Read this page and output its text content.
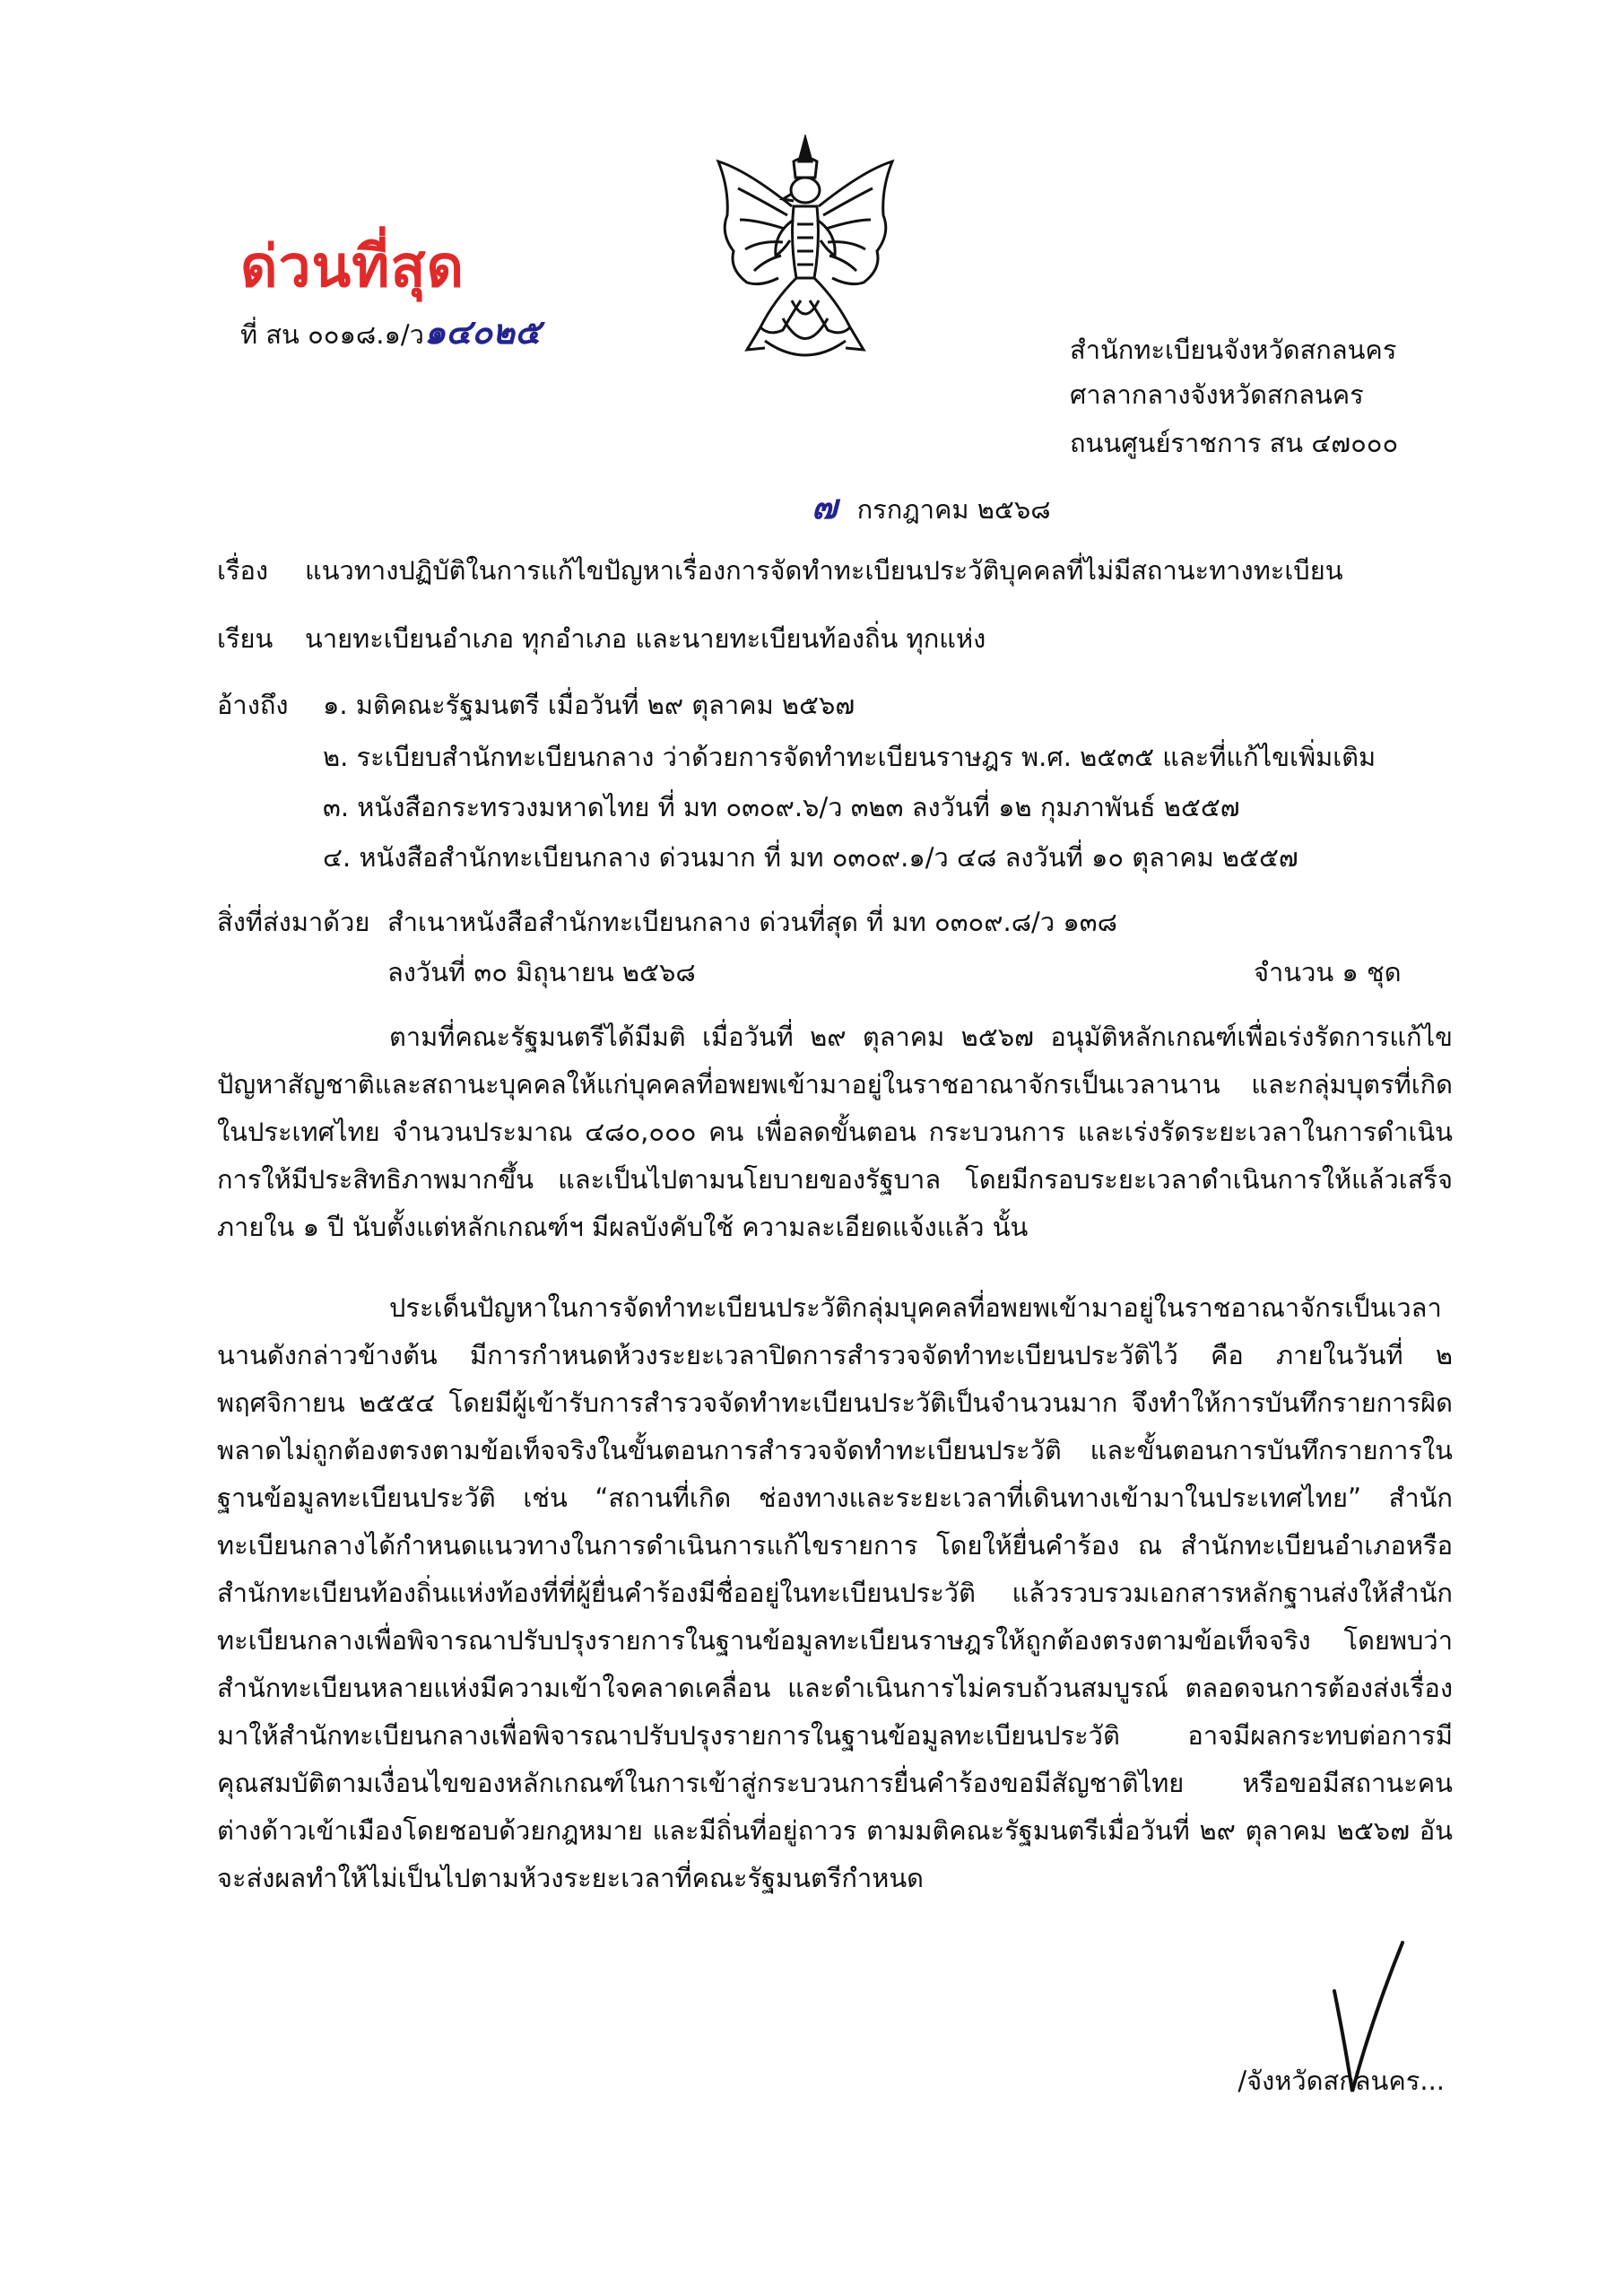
ด่วนที่สุด
ที่ สน ๐๐๑๘.๑/ว๑๔๐๒๕	สำนักทะเบียนจังหวัดสกลนคร
ศาลากลางจังหวัดสกลนคร
ถนนศูนย์ราชการ สน ๔๗๐๐๐
๗ กรกฎาคม ๒๕๖๘
เรื่อง แนวทางปฏิบัติในการแก้ไขปัญหาเรื่องการจัดทำทะเบียนประวัติบุคคลที่ไม่มีสถานะทางทะเบียน
เรียน นายทะเบียนอำเภอ ทุกอำเภอ และนายทะเบียนท้องถิ่น ทุกแห่ง
อ้างถึง ๑. มติคณะรัฐมนตรี เมื่อวันที่ ๒๙ ตุลาคม ๒๕๖๗
๒. ระเบียบสำนักทะเบียนกลาง ว่าด้วยการจัดทำทะเบียนราษฎร พ.ศ. ๒๕๓๕ และที่แก้ไขเพิ่มเติม
๓. หนังสือกระทรวงมหาดไทย ที่ มท ๐๓๐๙.๖/ว ๓๒๓ ลงวันที่ ๑๒ กุมภาพันธ์ ๒๕๕๗
๔. หนังสือสำนักทะเบียนกลาง ด่วนมาก ที่ มท ๐๓๐๙.๑/ว ๔๘ ลงวันที่ ๑๐ ตุลาคม ๒๕๕๗
สิ่งที่ส่งมาด้วย สำเนาหนังสือสำนักทะเบียนกลาง ด่วนที่สุด ที่ มท ๐๓๐๙.๘/ว ๑๓๘
ลงวันที่ ๓๐ มิถุนายน ๒๕๖๘	จำนวน ๑ ชุด

ตามที่คณะรัฐมนตรีได้มีมติ เมื่อวันที่ ๒๙ ตุลาคม ๒๕๖๗ อนุมัติหลักเกณฑ์เพื่อเร่งรัดการแก้ไขปัญหาสัญชาติและสถานะบุคคลให้แก่บุคคลที่อพยพเข้ามาอยู่ในราชอาณาจักรเป็นเวลานาน และกลุ่มบุตรที่เกิดในประเทศไทย จำนวนประมาณ ๔๘๐,๐๐๐ คน เพื่อลดขั้นตอน กระบวนการ และเร่งรัดระยะเวลาในการดำเนินการให้มีประสิทธิภาพมากขึ้น และเป็นไปตามนโยบายของรัฐบาล โดยมีกรอบระยะเวลาดำเนินการให้แล้วเสร็จภายใน ๑ ปี นับตั้งแต่หลักเกณฑ์ฯ มีผลบังคับใช้ ความละเอียดแจ้งแล้ว นั้น

ประเด็นปัญหาในการจัดทำทะเบียนประวัติกลุ่มบุคคลที่อพยพเข้ามาอยู่ในราชอาณาจักรเป็นเวลานานดังกล่าวข้างต้น มีการกำหนดห้วงระยะเวลาปิดการสำรวจจัดทำทะเบียนประวัติไว้ คือ ภายในวันที่ ๒ พฤศจิกายน ๒๕๕๔ โดยมีผู้เข้ารับการสำรวจจัดทำทะเบียนประวัติเป็นจำนวนมาก จึงทำให้การบันทึกรายการผิดพลาดไม่ถูกต้องตรงตามข้อเท็จจริงในขั้นตอนการสำรวจจัดทำทะเบียนประวัติ และขั้นตอนการบันทึกรายการในฐานข้อมูลทะเบียนประวัติ เช่น “สถานที่เกิด ช่องทางและระยะเวลาที่เดินทางเข้ามาในประเทศไทย” สำนักทะเบียนกลางได้กำหนดแนวทางในการดำเนินการแก้ไขรายการ โดยให้ยื่นคำร้อง ณ สำนักทะเบียนอำเภอหรือสำนักทะเบียนท้องถิ่นแห่งท้องที่ที่ผู้ยื่นคำร้องมีชื่ออยู่ในทะเบียนประวัติ แล้วรวบรวมเอกสารหลักฐานส่งให้สำนักทะเบียนกลางเพื่อพิจารณาปรับปรุงรายการในฐานข้อมูลทะเบียนราษฎรให้ถูกต้องตรงตามข้อเท็จจริง โดยพบว่าสำนักทะเบียนหลายแห่งมีความเข้าใจคลาดเคลื่อน และดำเนินการไม่ครบถ้วนสมบูรณ์ ตลอดจนการต้องส่งเรื่องมาให้สำนักทะเบียนกลางเพื่อพิจารณาปรับปรุงรายการในฐานข้อมูลทะเบียนประวัติ อาจมีผลกระทบต่อการมีคุณสมบัติตามเงื่อนไขของหลักเกณฑ์ในการเข้าสู่กระบวนการยื่นคำร้องขอมีสัญชาติไทย หรือขอมีสถานะคนต่างด้าวเข้าเมืองโดยชอบด้วยกฎหมาย และมีถิ่นที่อยู่ถาวร ตามมติคณะรัฐมนตรีเมื่อวันที่ ๒๙ ตุลาคม ๒๕๖๗ อันจะส่งผลทำให้ไม่เป็นไปตามห้วงระยะเวลาที่คณะรัฐมนตรีกำหนด

/จังหวัดสกลนคร...
